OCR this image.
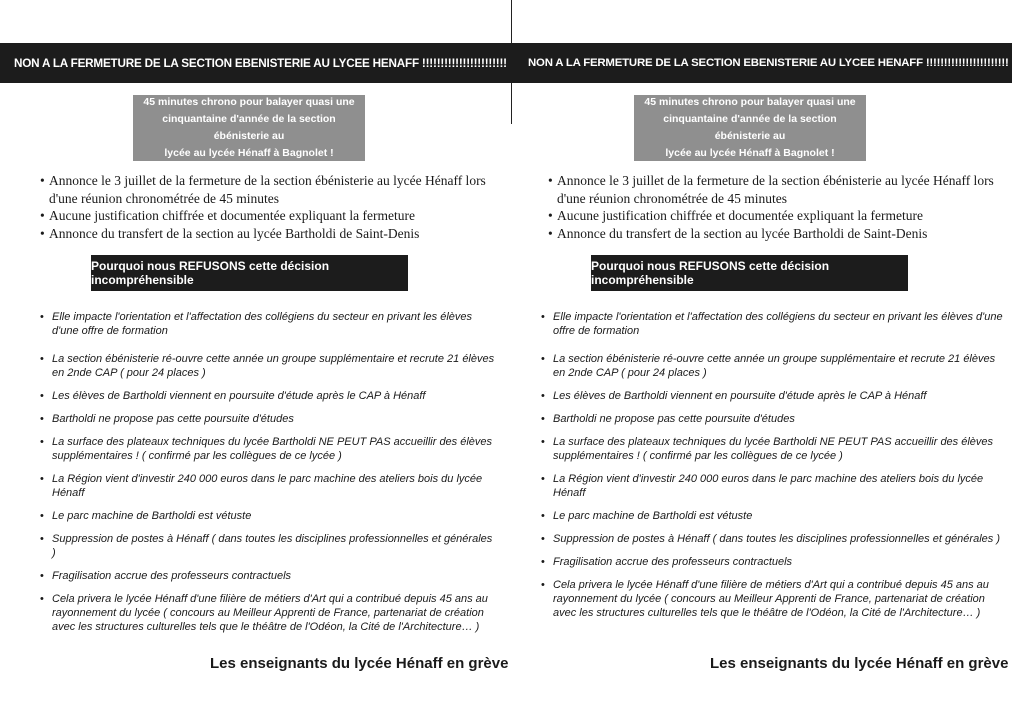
NON A LA FERMETURE DE LA SECTION EBENISTERIE AU LYCEE HENAFF !!!!!!!!!!!!!!!!!!!!!!!
45 minutes chrono pour balayer quasi une
cinquantaine d'année de la section ébénisterie au
lycée au lycée Hénaff à Bagnolet !
• Annonce le 3 juillet de la fermeture de la section ébénisterie au lycée Hénaff lors d'une réunion chronométrée de 45 minutes
• Aucune justification chiffrée et documentée expliquant la fermeture
• Annonce du transfert de la section au lycée Bartholdi de Saint-Denis
Pourquoi nous REFUSONS cette décision incompréhensible
• Elle impacte l'orientation et l'affectation des collégiens du secteur en privant les élèves d'une offre de formation
• La section ébénisterie ré-ouvre cette année un groupe supplémentaire et recrute 21 élèves en 2nde CAP ( pour 24 places )
• Les élèves de Bartholdi viennent en poursuite d'étude après le CAP à Hénaff
• Bartholdi ne propose pas cette poursuite d'études
• La surface des plateaux techniques du lycée Bartholdi NE PEUT PAS accueillir des élèves supplémentaires ! ( confirmé par les collègues de ce lycée )
• La Région vient d'investir 240 000 euros dans le parc machine des ateliers bois du lycée Hénaff
• Le parc machine de Bartholdi est vétuste
• Suppression de postes à Hénaff ( dans toutes les disciplines professionnelles et générales )
• Fragilisation accrue des professeurs contractuels
• Cela privera le lycée Hénaff d'une filière de métiers d'Art qui a contribué depuis 45 ans au rayonnement du lycée ( concours au Meilleur Apprenti de France, partenariat de création avec les structures culturelles tels que le théâtre de l'Odéon, la Cité de l'Architecture… )
Les enseignants du lycée Hénaff en grève
NON A LA FERMETURE DE LA SECTION EBENISTERIE AU LYCEE HENAFF !!!!!!!!!!!!!!!!!!!!!!!
45 minutes chrono pour balayer quasi une
cinquantaine d'année de la section ébénisterie au
lycée au lycée Hénaff à Bagnolet !
• Annonce le 3 juillet de la fermeture de la section ébénisterie au lycée Hénaff lors d'une réunion chronométrée de 45 minutes
• Aucune justification chiffrée et documentée expliquant la fermeture
• Annonce du transfert de la section au lycée Bartholdi de Saint-Denis
Pourquoi nous REFUSONS cette décision incompréhensible
• Elle impacte l'orientation et l'affectation des collégiens du secteur en privant les élèves d'une offre de formation
• La section ébénisterie ré-ouvre cette année un groupe supplémentaire et recrute 21 élèves en 2nde CAP ( pour 24 places )
• Les élèves de Bartholdi viennent en poursuite d'étude après le CAP à Hénaff
• Bartholdi ne propose pas cette poursuite d'études
• La surface des plateaux techniques du lycée Bartholdi NE PEUT PAS accueillir des élèves supplémentaires ! ( confirmé par les collègues de ce lycée )
• La Région vient d'investir 240 000 euros dans le parc machine des ateliers bois du lycée Hénaff
• Le parc machine de Bartholdi est vétuste
• Suppression de postes à Hénaff ( dans toutes les disciplines professionnelles et générales )
• Fragilisation accrue des professeurs contractuels
• Cela privera le lycée Hénaff d'une filière de métiers d'Art qui a contribué depuis 45 ans au rayonnement du lycée ( concours au Meilleur Apprenti de France, partenariat de création avec les structures culturelles tels que le théâtre de l'Odéon, la Cité de l'Architecture… )
Les enseignants du lycée Hénaff en grève
